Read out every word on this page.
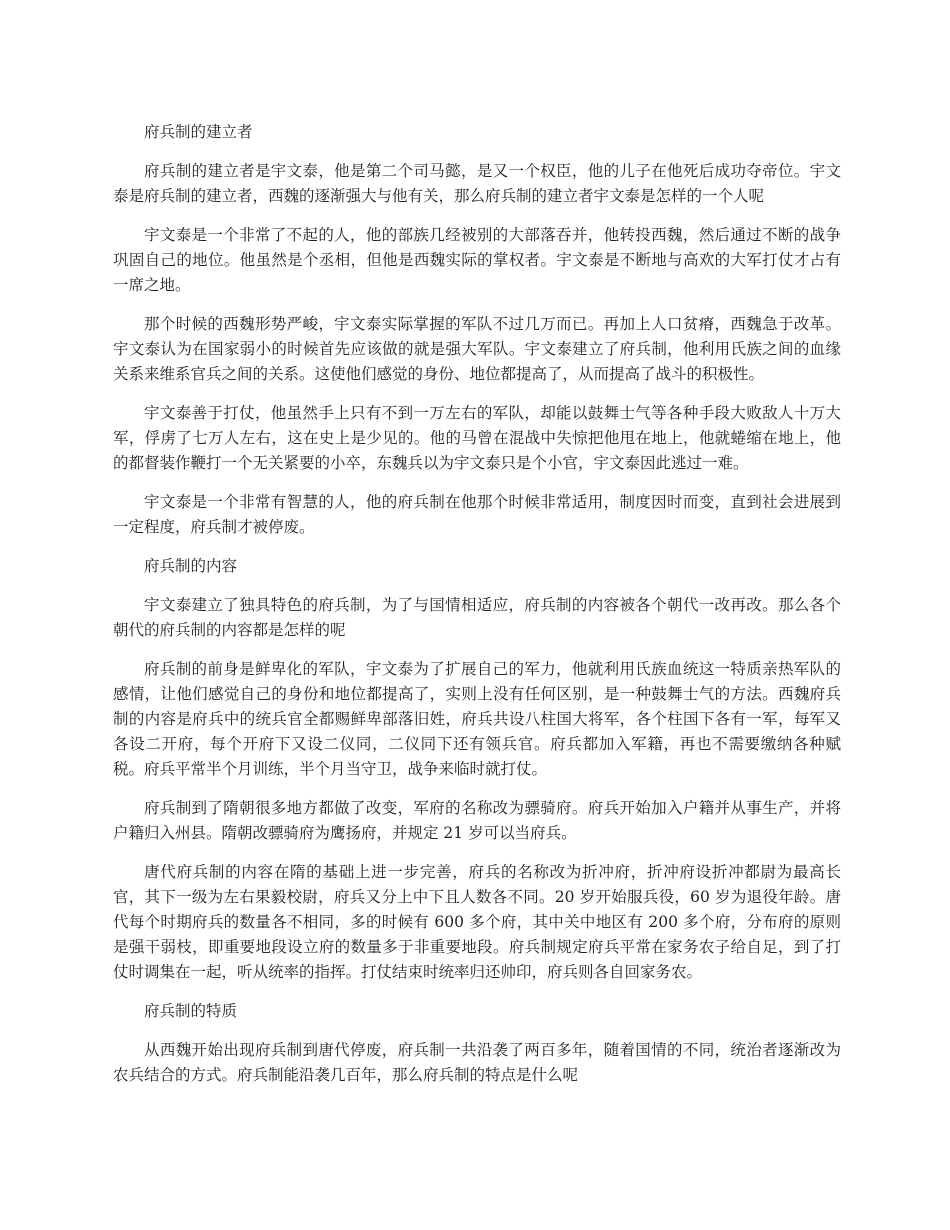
府兵制的建立者

府兵制的建立者是宇文泰，他是第二个司马懿，是又一个权臣，他的儿子在他死后成功夺帝位。宇文泰是府兵制的建立者，西魏的逐渐强大与他有关，那么府兵制的建立者宇文泰是怎样的一个人呢

宇文泰是一个非常了不起的人，他的部族几经被别的大部落吞并，他转投西魏，然后通过不断的战争巩固自己的地位。他虽然是个丞相，但他是西魏实际的掌权者。宇文泰是不断地与高欢的大军打仗才占有一席之地。

那个时候的西魏形势严峻，宇文泰实际掌握的军队不过几万而已。再加上人口贫瘠，西魏急于改革。宇文泰认为在国家弱小的时候首先应该做的就是强大军队。宇文泰建立了府兵制，他利用氏族之间的血缘关系来维系官兵之间的关系。这使他们感觉的身份、地位都提高了，从而提高了战斗的积极性。

宇文泰善于打仗，他虽然手上只有不到一万左右的军队，却能以鼓舞士气等各种手段大败敌人十万大军，俘虏了七万人左右，这在史上是少见的。他的马曾在混战中失惊把他甩在地上，他就蜷缩在地上，他的都督装作鞭打一个无关紧要的小卒，东魏兵以为宇文泰只是个小官，宇文泰因此逃过一难。

宇文泰是一个非常有智慧的人，他的府兵制在他那个时候非常适用，制度因时而变，直到社会进展到一定程度，府兵制才被停废。

府兵制的内容

宇文泰建立了独具特色的府兵制，为了与国情相适应，府兵制的内容被各个朝代一改再改。那么各个朝代的府兵制的内容都是怎样的呢

府兵制的前身是鲜卑化的军队，宇文泰为了扩展自己的军力，他就利用氏族血统这一特质亲热军队的感情，让他们感觉自己的身份和地位都提高了，实则上没有任何区别，是一种鼓舞士气的方法。西魏府兵制的内容是府兵中的统兵官全都赐鲜卑部落旧姓，府兵共设八柱国大将军，各个柱国下各有一军，每军又各设二开府，每个开府下又设二仪同，二仪同下还有领兵官。府兵都加入军籍，再也不需要缴纳各种赋税。府兵平常半个月训练，半个月当守卫，战争来临时就打仗。

府兵制到了隋朝很多地方都做了改变，军府的名称改为骠骑府。府兵开始加入户籍并从事生产，并将户籍归入州县。隋朝改骠骑府为鹰扬府，并规定 21 岁可以当府兵。

唐代府兵制的内容在隋的基础上进一步完善，府兵的名称改为折冲府，折冲府设折冲都尉为最高长官，其下一级为左右果毅校尉，府兵又分上中下且人数各不同。20 岁开始服兵役，60 岁为退役年龄。唐代每个时期府兵的数量各不相同，多的时候有 600 多个府，其中关中地区有 200 多个府，分布府的原则是强干弱枝，即重要地段设立府的数量多于非重要地段。府兵制规定府兵平常在家务农子给自足，到了打仗时调集在一起，听从统率的指挥。打仗结束时统率归还帅印，府兵则各自回家务农。

府兵制的特质

从西魏开始出现府兵制到唐代停废，府兵制一共沿袭了两百多年，随着国情的不同，统治者逐渐改为农兵结合的方式。府兵制能沿袭几百年，那么府兵制的特点是什么呢
